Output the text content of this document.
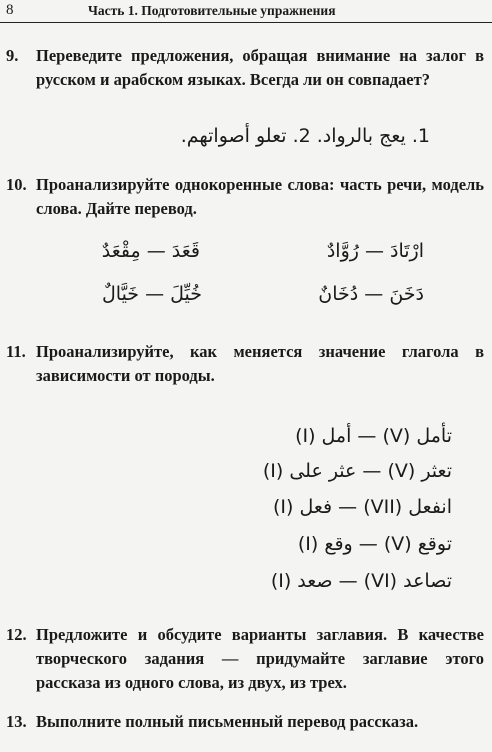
8	Часть 1. Подготовительные упражнения
9. Переведите предложения, обращая внимание на залог в русском и арабском языках. Всегда ли он совпадает?
1. يعج بالرواد. 2. تعلو أصواتهم.
10. Проанализируйте однокоренные слова: часть речи, модель слова. Дайте перевод.
ارْتَادَ — رُوَّادٌ
قَعَدَ — مِقْعَدٌ
دَخَنَ — دُخَانٌ
خُيِّلَ — خَيَّالٌ
11. Проанализируйте, как меняется значение глагола в зависимости от породы.
(I) أمل — (V) تأمل
(I) عثر على — (V) تعثر
(I) فعل — (VII) انفعل
(I) وقع — (V) توقع
(I) صعد — (VI) تصاعد
12. Предложите и обсудите варианты заглавия. В качестве творческого задания — придумайте заглавие этого рассказа из одного слова, из двух, из трех.
13. Выполните полный письменный перевод рассказа.
